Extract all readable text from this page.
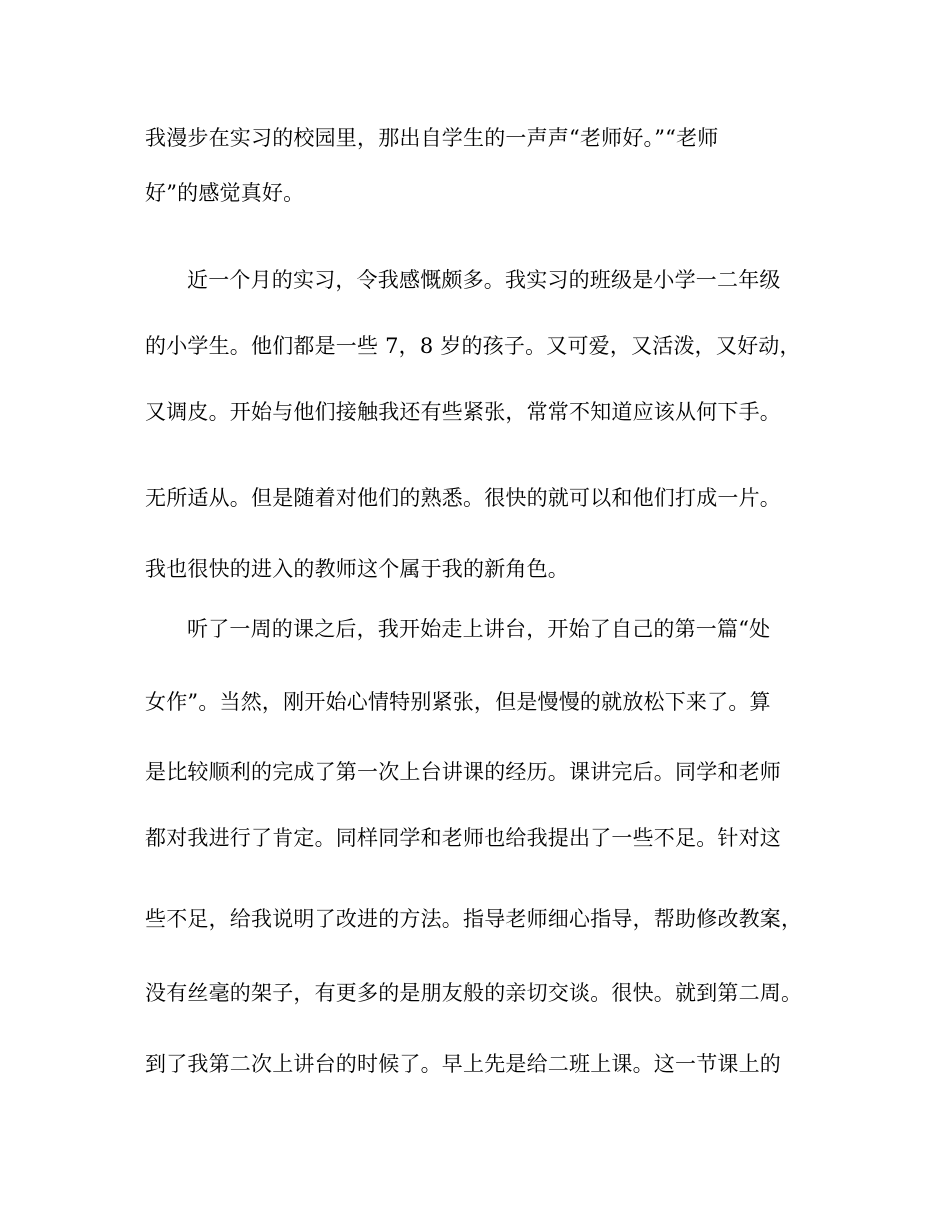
我漫步在实习的校园里，那出自学生的一声声“老师好。”“老师
好”的感觉真好。
近一个月的实习，令我感慨颇多。我实习的班级是小学一二年级
的小学生。他们都是一些 7，8 岁的孩子。又可爱，又活泼，又好动，
又调皮。开始与他们接触我还有些紧张，常常不知道应该从何下手。
无所适从。但是随着对他们的熟悉。很快的就可以和他们打成一片。
我也很快的进入的教师这个属于我的新角色。
听了一周的课之后，我开始走上讲台，开始了自己的第一篇“处
女作”。当然，刚开始心情特别紧张，但是慢慢的就放松下来了。算
是比较顺利的完成了第一次上台讲课的经历。课讲完后。同学和老师
都对我进行了肯定。同样同学和老师也给我提出了一些不足。针对这
些不足，给我说明了改进的方法。指导老师细心指导，帮助修改教案，
没有丝毫的架子，有更多的是朋友般的亲切交谈。很快。就到第二周。
到了我第二次上讲台的时候了。早上先是给二班上课。这一节课上的
